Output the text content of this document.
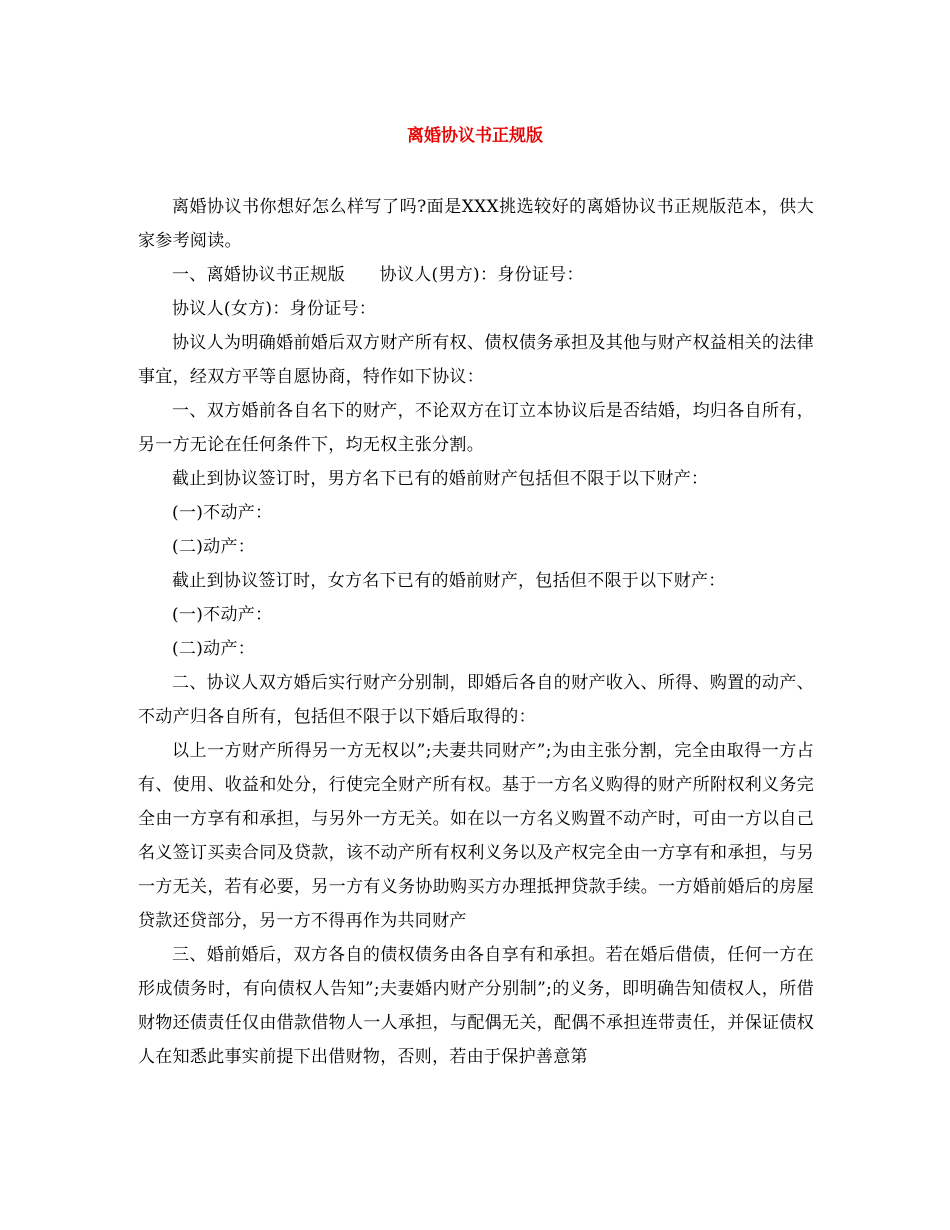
离婚协议书正规版

离婚协议书你想好怎么样写了吗?面是XXX挑选较好的离婚协议书正规版范本，供大家参考阅读。

一、离婚协议书正规版　　协议人(男方)：身份证号：

协议人(女方)：身份证号：

协议人为明确婚前婚后双方财产所有权、债权债务承担及其他与财产权益相关的法律事宜，经双方平等自愿协商，特作如下协议：

一、双方婚前各自名下的财产，不论双方在订立本协议后是否结婚，均归各自所有，另一方无论在任何条件下，均无权主张分割。

截止到协议签订时，男方名下已有的婚前财产包括但不限于以下财产：

(一)不动产：

(二)动产：

截止到协议签订时，女方名下已有的婚前财产，包括但不限于以下财产：

(一)不动产：

(二)动产：

二、协议人双方婚后实行财产分别制，即婚后各自的财产收入、所得、购置的动产、不动产归各自所有，包括但不限于以下婚后取得的：

以上一方财产所得另一方无权以”;夫妻共同财产”;为由主张分割，完全由取得一方占有、使用、收益和处分，行使完全财产所有权。基于一方名义购得的财产所附权利义务完全由一方享有和承担，与另外一方无关。如在以一方名义购置不动产时，可由一方以自己名义签订买卖合同及贷款，该不动产所有权利义务以及产权完全由一方享有和承担，与另一方无关，若有必要，另一方有义务协助购买方办理抵押贷款手续。一方婚前婚后的房屋贷款还贷部分，另一方不得再作为共同财产

三、婚前婚后，双方各自的债权债务由各自享有和承担。若在婚后借债，任何一方在形成债务时，有向债权人告知”;夫妻婚内财产分别制”;的义务，即明确告知债权人，所借财物还债责任仅由借款借物人一人承担，与配偶无关，配偶不承担连带责任，并保证债权人在知悉此事实前提下出借财物，否则，若由于保护善意第
